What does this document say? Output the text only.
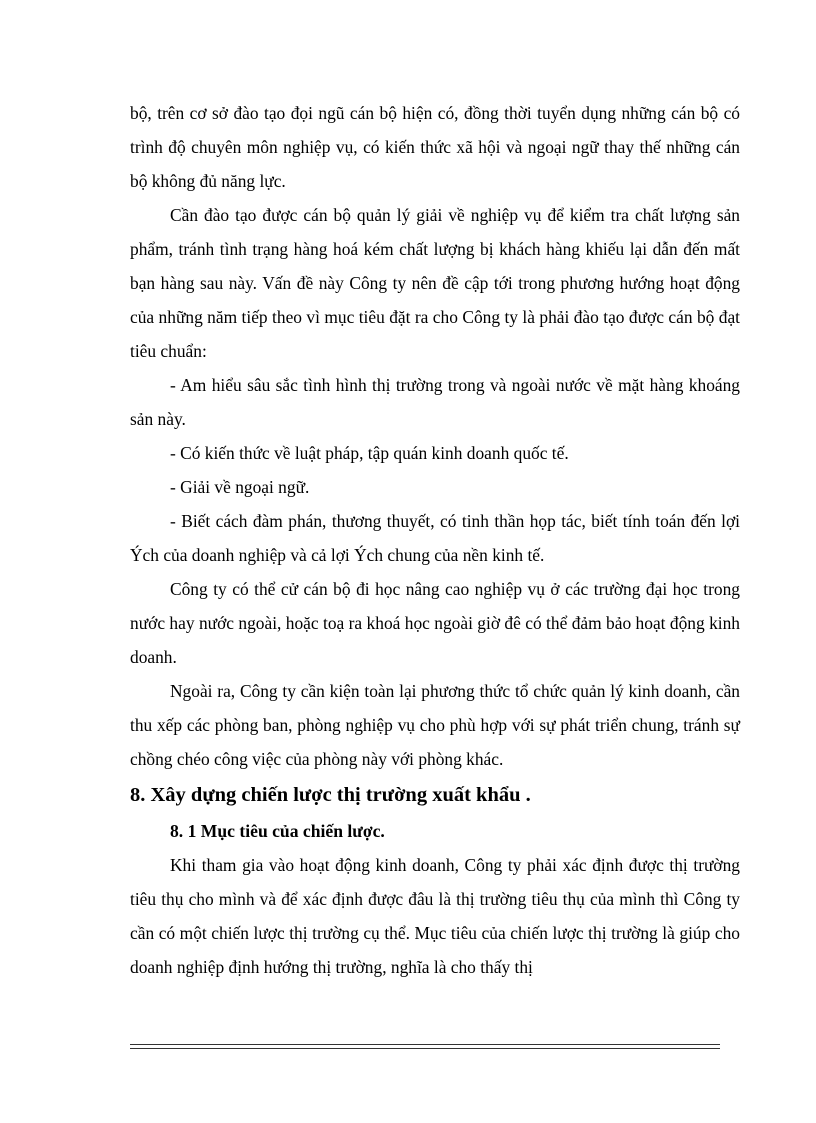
bộ, trên cơ sở đào tạo đọi ngũ cán bộ hiện có, đồng thời tuyển dụng những cán bộ có trình độ chuyên môn nghiệp vụ, có kiến thức xã hội và ngoại ngữ thay thế những cán bộ không đủ năng lực.

Cần đào tạo được cán bộ quản lý giải về nghiệp vụ để kiểm tra chất lượng sản phẩm, tránh tình trạng hàng hoá kém chất lượng bị khách hàng khiếu lại dẫn đến mất bạn hàng sau này. Vấn đề này Công ty nên đề cập tới trong phương hướng hoạt động của những năm tiếp theo vì mục tiêu đặt ra cho Công ty là phải đào tạo được cán bộ đạt tiêu chuẩn:

- Am hiểu sâu sắc tình hình thị trường trong và ngoài nước về mặt hàng khoáng sản này.

- Có kiến thức về luật pháp, tập quán kinh doanh quốc tế.

- Giải về ngoại ngữ.

- Biết cách đàm phán, thương thuyết, có tinh thần họp tác, biết tính toán đến lợi Ých của doanh nghiệp và cả lợi Ých chung của nền kinh tế.

Công ty có thể cử cán bộ đi học nâng cao nghiệp vụ ở các trường đại học trong nước hay nước ngoài, hoặc toạ ra khoá học ngoài giờ đê có thể đảm bảo hoạt động kinh doanh.

Ngoài ra, Công ty cần kiện toàn lại phương thức tổ chức quản lý kinh doanh, cần thu xếp các phòng ban, phòng nghiệp vụ cho phù hợp với sự phát triển chung, tránh sự chồng chéo công việc của phòng này với phòng khác.

8. Xây dựng chiến lược thị trường xuất khẩu .
8. 1 Mục tiêu của chiến lược.

Khi tham gia vào hoạt động kinh doanh, Công ty phải xác định được thị trường tiêu thụ cho mình và để xác định được đâu là thị trường tiêu thụ của mình thì Công ty cần có một chiến lược thị trường cụ thể. Mục tiêu của chiến lược thị trường là giúp cho doanh nghiệp định hướng thị trường, nghĩa là cho thấy thị
